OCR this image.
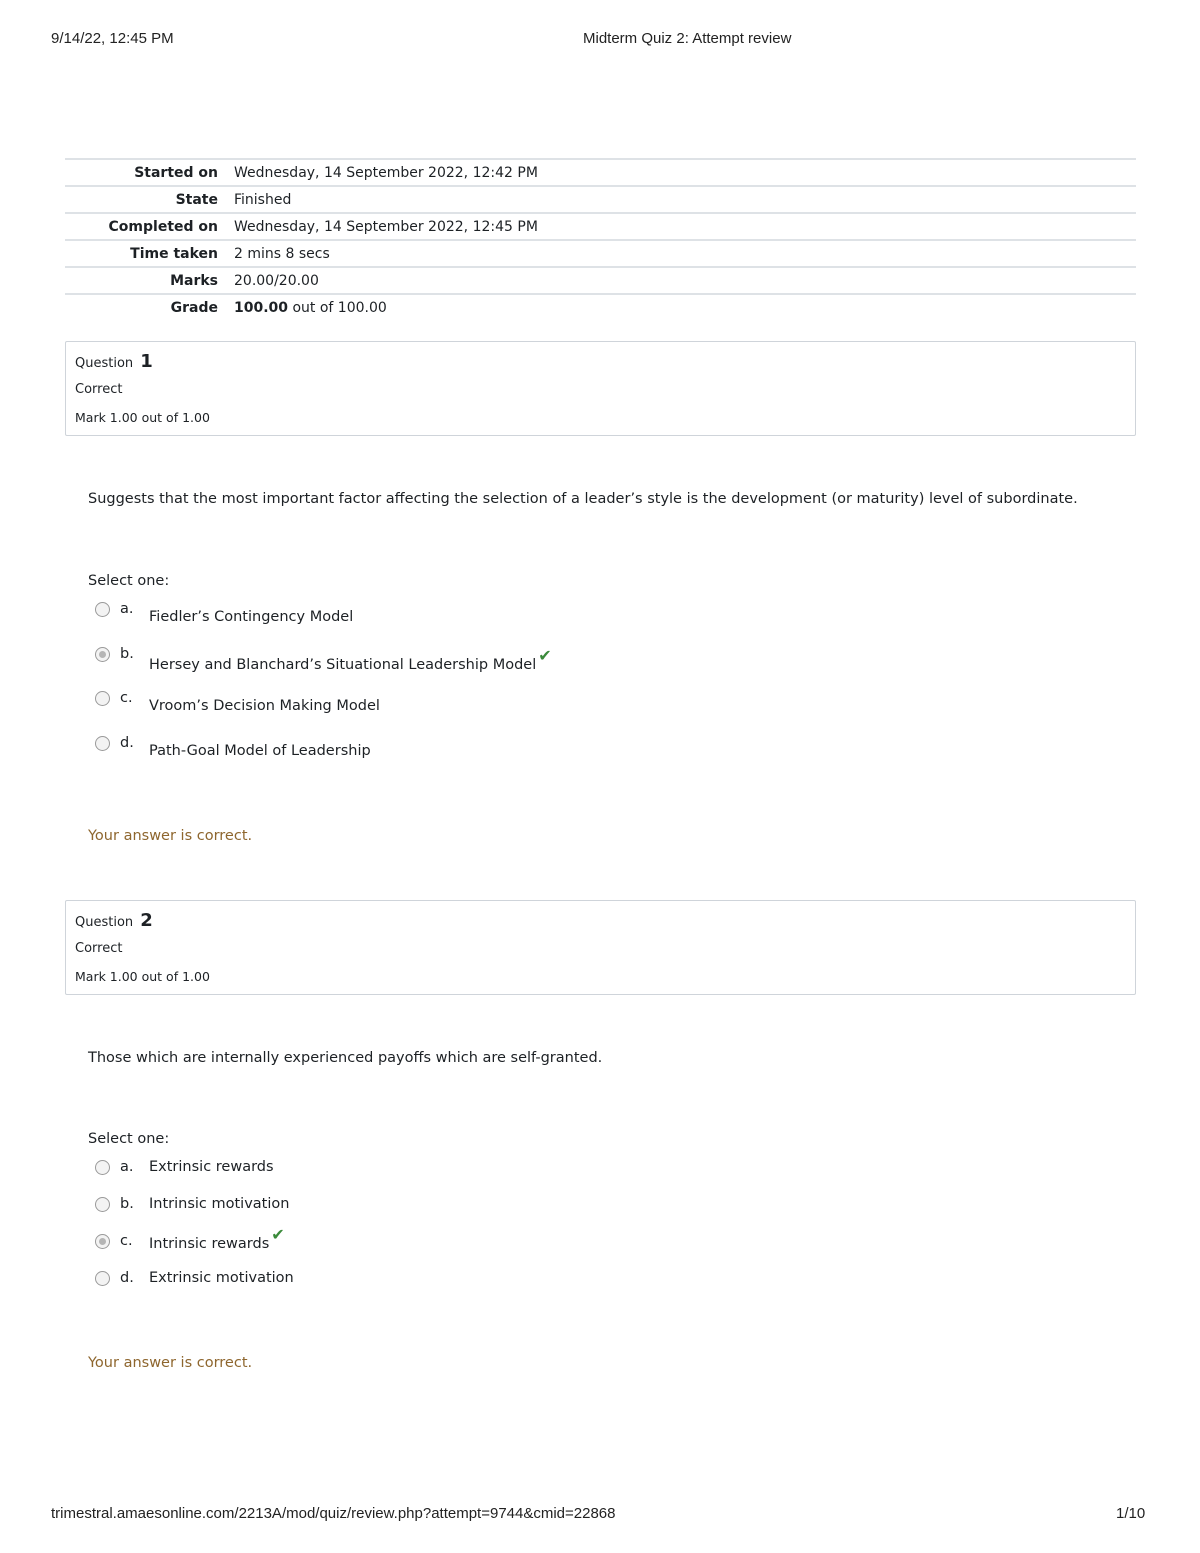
9/14/22, 12:45 PM	Midterm Quiz 2: Attempt review
Started on	Wednesday, 14 September 2022, 12:42 PM
State	Finished
Completed on	Wednesday, 14 September 2022, 12:45 PM
Time taken	2 mins 8 secs
Marks	20.00/20.00
Grade	100.00 out of 100.00
Question 1
Correct
Mark 1.00 out of 1.00
Suggests that the most important factor affecting the selection of a leader’s style is the development (or maturity) level of subordinate.
Select one:
a. Fiedler’s Contingency Model
b.
Hersey and Blanchard’s Situational Leadership Model ✔
c. Vroom’s Decision Making Model
d. Path-Goal Model of Leadership
Your answer is correct.
Question 2
Correct
Mark 1.00 out of 1.00
Those which are internally experienced payoffs which are self-granted.
Select one:
a. Extrinsic rewards
b. Intrinsic motivation
c. Intrinsic rewards ✔
d. Extrinsic motivation
Your answer is correct.
trimestral.amaesonline.com/2213A/mod/quiz/review.php?attempt=9744&cmid=22868	1/10
